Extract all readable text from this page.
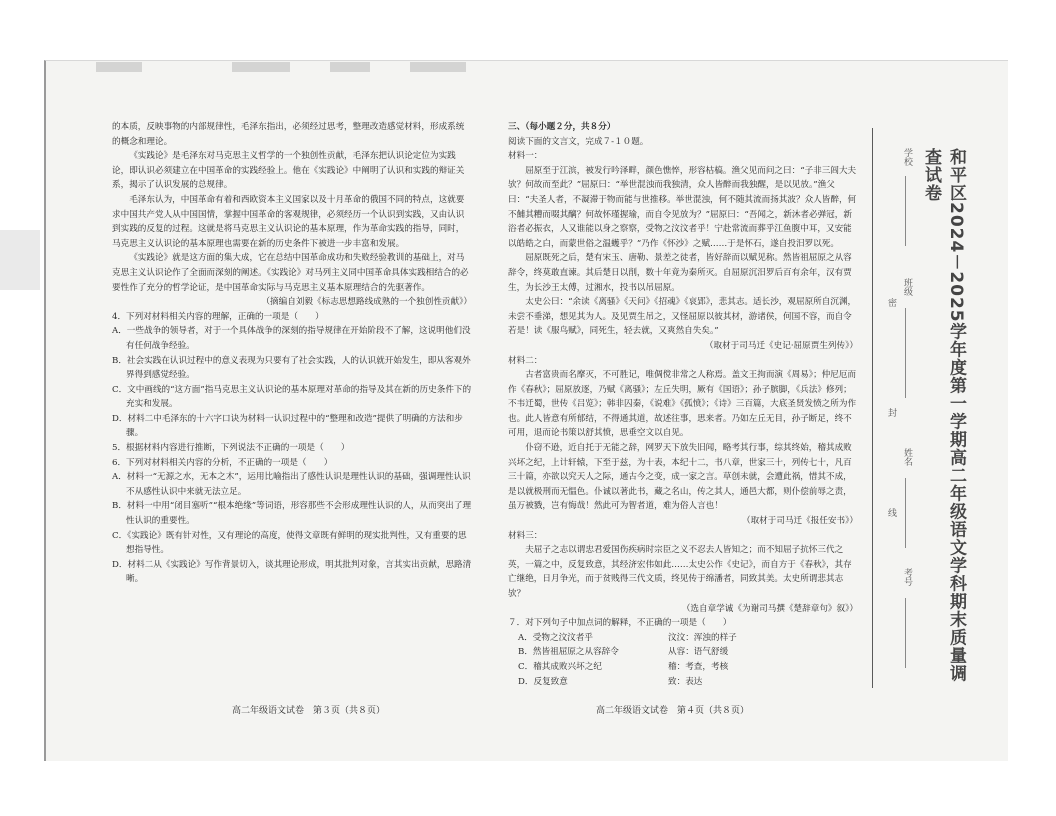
的本质，反映事物的内部规律性，毛泽东指出，必须经过思考，整理改造感觉材料，形成系统的概念和理论。

《实践论》是毛泽东对马克思主义哲学的一个独创性贡献，毛泽东把认识论定位为实践论，即认识必须建立在中国革命的实践经验上。他在《实践论》中阐明了认识和实践的辩证关系，揭示了认识发展的总规律。

毛泽东认为，中国革命有着和西欧资本主义国家以及十月革命的俄国不同的特点，这就要求中国共产党人从中国国情，掌握中国革命的客观规律，必须经历一个认识到实践，又由认识到实践的反复的过程。这就是将马克思主义认识论的基本原理，作为革命实践的指导，同时，马克思主义认识论的基本原理也需要在新的历史条件下被进一步丰富和发展。

《实践论》就是这方面的集大成，它在总结中国革命成功和失败经验教训的基础上，对马克思主义认识论作了全面而深刻的阐述。《实践论》对马列主义同中国革命具体实践相结合的必要性作了充分的哲学论证，是中国革命实际与马克思主义基本原理结合的先驱著作。

（摘编自刘毅《标志思想路线成熟的一个独创性贡献》）

4．下列对材料相关内容的理解，正确的一项是（　　）

A．一些战争的领导者，对于一个具体战争的深刻的指导规律在开始阶段不了解，这说明他们没有任何战争经验。

B．社会实践在认识过程中的意义表现为只要有了社会实践，人的认识就开始发生，即从客观外界得到感觉经验。

C．文中画线的“这方面”指马克思主义认识论的基本原理对革命的指导及其在新的历史条件下的充实和发展。

D．材料二中毛泽东的十六字口诀为材料一认识过程中的“整理和改造”提供了明确的方法和步骤。

5．根据材料内容进行推断，下列说法不正确的一项是（　　）

6．下列对材料相关内容的分析，不正确的一项是（　　）

A．材料一“无源之水，无本之木”，运用比喻指出了感性认识是理性认识的基础，强调理性认识不从感性认识中来就无法立足。

B．材料一中用“闭目塞听”“根本绝缘”等词语，形容那些不会形成理性认识的人，从而突出了理性认识的重要性。

C．《实践论》既有针对性，又有理论的高度，使得文章既有鲜明的现实批判性，又有重要的思想指导性。

D．材料二从《实践论》写作背景切入，谈其理论形成，明其批判对象，言其实出贡献，思路清晰。

高二年级语文试卷　第３页（共８页）

三、（每小题２分，共８分）

阅读下面的文言文，完成７-１０题。

材料一：

屈原至于江滨，被发行吟泽畔，颜色憔悴，形容枯槁。渔父见而问之曰：“子非三闾大夫欤？何故而至此？”屈原曰：“举世混浊而我独清，众人皆醉而我独醒，是以见放。”渔父曰：“夫圣人者，不凝滞于物而能与世推移。举世混浊，何不随其流而扬其波？众人皆醉，何不餔其糟而啜其醨？何故怀瑾握瑜，而自令见放为？”屈原曰：“吾闻之，新沐者必弹冠，新浴者必振衣，人又谁能以身之察察，受物之汶汶者乎！宁赴常流而葬乎江鱼腹中耳，又安能以皓皓之白，而蒙世俗之温蠖乎？”乃作《怀沙》之赋……于是怀石，遂自投汨罗以死。

屈原既死之后，楚有宋玉、唐勒、景差之徒者，皆好辞而以赋见称。然皆祖屈原之从容辞令，终莫敢直谏。其后楚日以削，数十年竟为秦所灭。自屈原沉汨罗后百有余年，汉有贾生，为长沙王太傅，过湘水，投书以吊屈原。

太史公曰：“余读《离骚》《天问》《招魂》《哀郢》，悲其志。适长沙，观屈原所自沉渊，未尝不垂涕，想见其为人。及见贾生吊之，又怪屈原以彼其材，游诸侯，何国不容，而自令若是！读《服鸟赋》，同死生，轻去就，又爽然自失矣。”

（取材于司马迁《史记·屈原贾生列传》）

材料二：

古者富贵而名摩灭，不可胜记，唯倜傥非常之人称焉。盖文王拘而演《周易》；仲尼厄而作《春秋》；屈原放逐，乃赋《离骚》；左丘失明，厥有《国语》；孙子膑脚，《兵法》修列；不韦迁蜀，世传《吕览》；韩非囚秦，《说难》《孤愤》；《诗》三百篇，大底圣贤发愤之所为作也。此人皆意有所郁结，不得通其道，故述往事，思来者。乃如左丘无目，孙子断足，终不可用，退而论书策以舒其愤，思垂空文以自见。

仆窃不逊，近自托于无能之辞，网罗天下放失旧闻，略考其行事，综其终始，稽其成败兴坏之纪，上计轩辕，下至于兹，为十表，本纪十二，书八章，世家三十，列传七十，凡百三十篇，亦欲以究天人之际，通古今之变，成一家之言。草创未就，会遭此祸，惜其不成，是以就极刑而无愠色。仆诚以著此书，藏之名山，传之其人，通邑大都，则仆偿前辱之责，虽万被戮，岂有悔哉！然此可为智者道，难为俗人言也！

（取材于司马迁《报任安书》）

材料三：

夫屈子之志以谓忠君爱国伤疾病时宗臣之义不忍去人皆知之；而不知屈子抗怀三代之英，一篇之中，反复致意，其经济宏伟如此……太史公作《史记》，而自方于《春秋》，其存亡继绝，日月争光，而于贫贱得三代文质，终见传于绵潘者，同致其美。太史所谓悲其志欤？

（选自章学诚《为谢司马撰《楚辞章句》叙》）

７．对下列句子中加点词的解释，不正确的一项是（　　）

A．受物之汶汶者乎	汶汶：浑浊的样子
B．然皆祖屈原之从容辞令	从容：语气舒缓
C．稽其成败兴坏之纪	稽：考查，考核
D．反复致意	致：表达
高二年级语文试卷　第４页（共８页）
和平区2024－2025学年度第一学期高二年级语文学科期末质量调查试卷
学校
班级
密
封
姓名
线
考号
